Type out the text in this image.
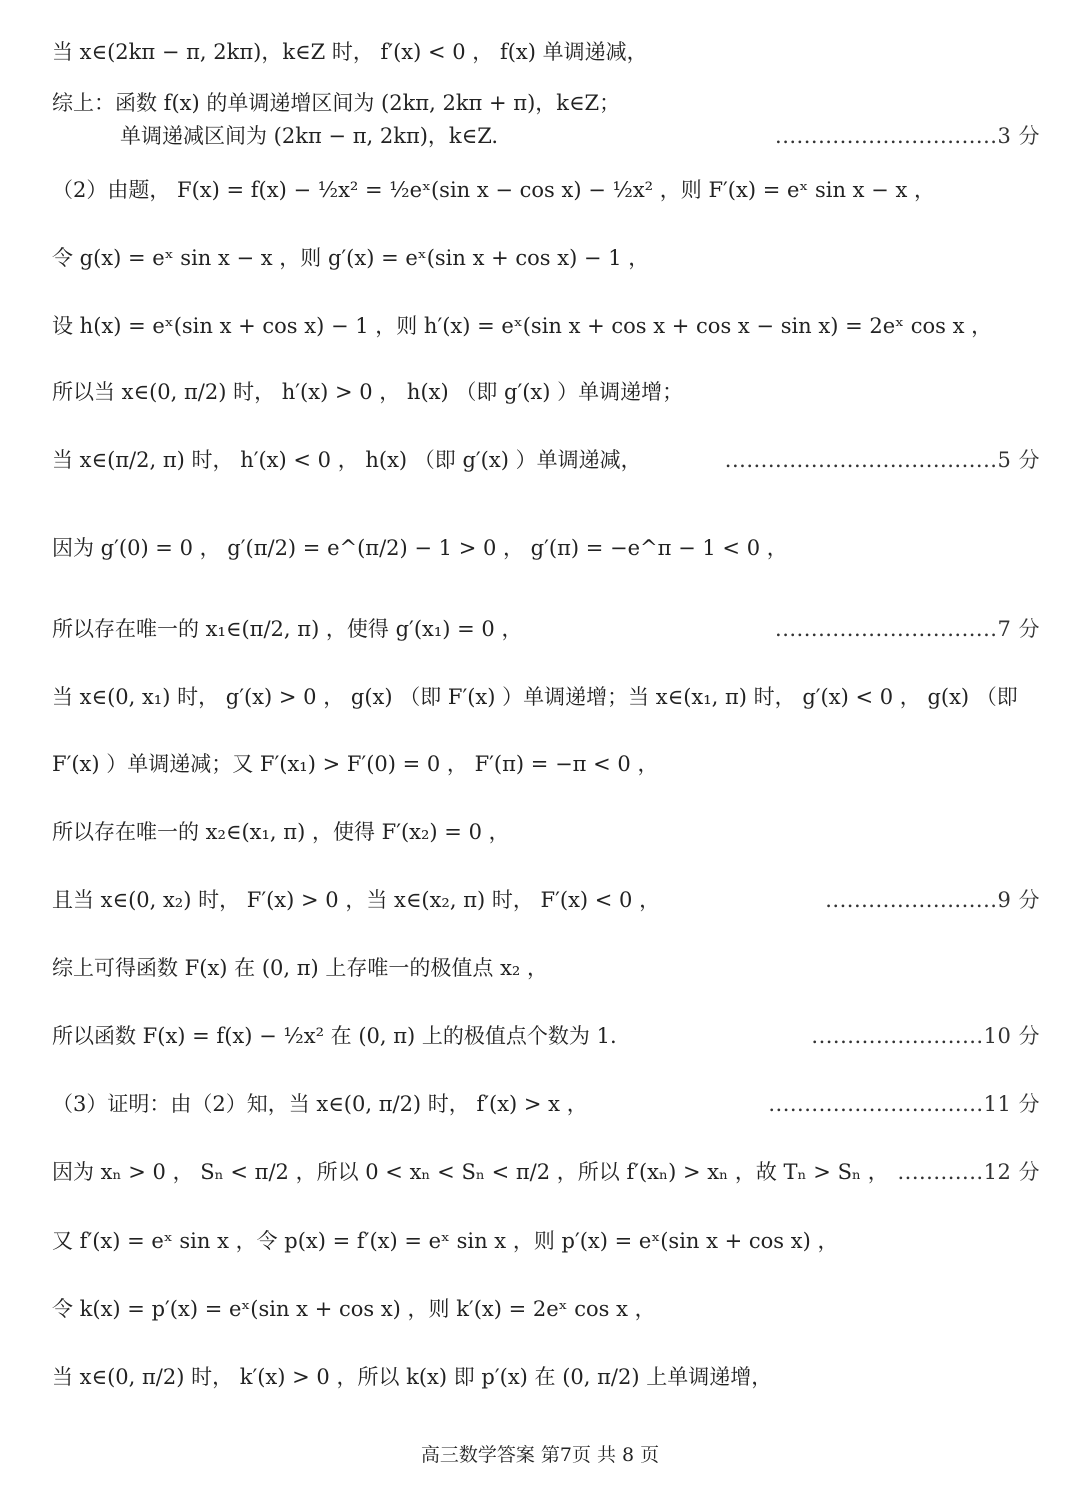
当 x∈(2kπ − π, 2kπ)，k∈Z 时， f′(x) < 0 ， f(x) 单调递减，
综上：函数 f(x) 的单调递增区间为 (2kπ, 2kπ + π)，k∈Z；
单调递减区间为 (2kπ − π, 2kπ)，k∈Z.	...............................3 分
（2）由题， F(x) = f(x) − ½x² = ½eˣ(sin x − cos x) − ½x² ，则 F′(x) = eˣ sin x − x ，
令 g(x) = eˣ sin x − x ，则 g′(x) = eˣ(sin x + cos x) − 1 ，
设 h(x) = eˣ(sin x + cos x) − 1 ，则 h′(x) = eˣ(sin x + cos x + cos x − sin x) = 2eˣ cos x ，
所以当 x∈(0, π/2) 时， h′(x) > 0 ， h(x) （即 g′(x) ）单调递增；
当 x∈(π/2, π) 时， h′(x) < 0 ， h(x) （即 g′(x) ）单调递减，	......................................5 分
因为 g′(0) = 0 ， g′(π/2) = e^(π/2) − 1 > 0 ， g′(π) = −e^π − 1 < 0 ，
所以存在唯一的 x₁∈(π/2, π) ，使得 g′(x₁) = 0 ，	...............................7 分
当 x∈(0, x₁) 时， g′(x) > 0 ， g(x) （即 F′(x) ）单调递增；当 x∈(x₁, π) 时， g′(x) < 0 ， g(x) （即
F′(x) ）单调递减；又 F′(x₁) > F′(0) = 0 ， F′(π) = −π < 0 ，
所以存在唯一的 x₂∈(x₁, π) ，使得 F′(x₂) = 0 ，
且当 x∈(0, x₂) 时， F′(x) > 0 ，当 x∈(x₂, π) 时， F′(x) < 0 ，	........................9 分
综上可得函数 F(x) 在 (0, π) 上存唯一的极值点 x₂ ，
所以函数 F(x) = f(x) − ½x² 在 (0, π) 上的极值点个数为 1.	........................10 分
（3）证明：由（2）知，当 x∈(0, π/2) 时， f′(x) > x ，	..............................11 分
因为 xₙ > 0 ， Sₙ < π/2 ，所以 0 < xₙ < Sₙ < π/2 ，所以 f′(xₙ) > xₙ ，故 Tₙ > Sₙ ， ............12 分
又 f′(x) = eˣ sin x ，令 p(x) = f′(x) = eˣ sin x ，则 p′(x) = eˣ(sin x + cos x) ，
令 k(x) = p′(x) = eˣ(sin x + cos x) ，则 k′(x) = 2eˣ cos x ，
当 x∈(0, π/2) 时， k′(x) > 0 ，所以 k(x) 即 p′(x) 在 (0, π/2) 上单调递增，
高三数学答案 第7页 共 8 页
